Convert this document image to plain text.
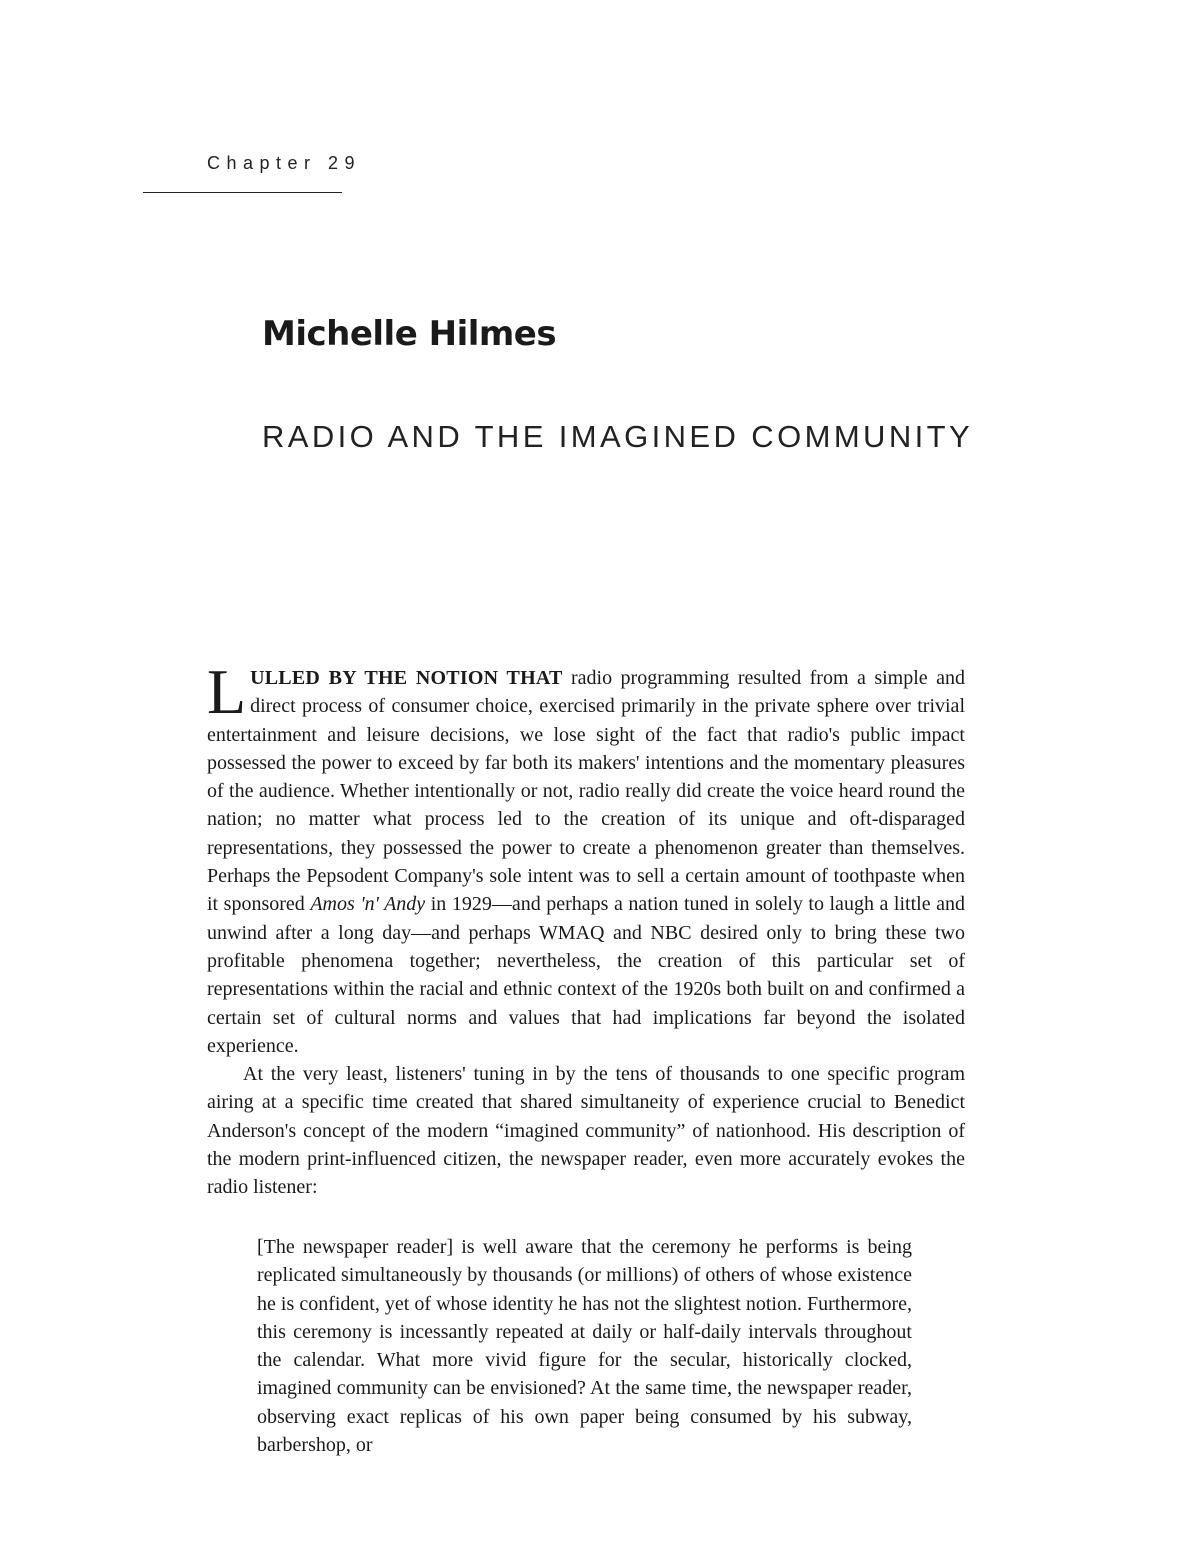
Chapter 29
Michelle Hilmes
RADIO AND THE IMAGINED COMMUNITY

LULLED BY THE NOTION THAT radio programming resulted from a simple and direct process of consumer choice, exercised primarily in the private sphere over trivial entertainment and leisure decisions, we lose sight of the fact that radio's public impact possessed the power to exceed by far both its makers' intentions and the momentary pleasures of the audience. Whether intentionally or not, radio really did create the voice heard round the nation; no matter what process led to the creation of its unique and oft-disparaged representations, they possessed the power to create a phenomenon greater than themselves. Perhaps the Pepsodent Company's sole intent was to sell a certain amount of toothpaste when it sponsored Amos 'n' Andy in 1929—and perhaps a nation tuned in solely to laugh a little and unwind after a long day—and perhaps WMAQ and NBC desired only to bring these two profitable phenomena together; nevertheless, the creation of this particular set of representations within the racial and ethnic context of the 1920s both built on and confirmed a certain set of cultural norms and values that had implications far beyond the isolated experience.

At the very least, listeners' tuning in by the tens of thousands to one specific program airing at a specific time created that shared simultaneity of experience crucial to Benedict Anderson's concept of the modern “imagined community” of nationhood. His description of the modern print-influenced citizen, the newspaper reader, even more accurately evokes the radio listener:

[The newspaper reader] is well aware that the ceremony he performs is being replicated simultaneously by thousands (or millions) of others of whose existence he is confident, yet of whose identity he has not the slightest notion. Furthermore, this ceremony is incessantly repeated at daily or half-daily intervals throughout the calendar. What more vivid figure for the secular, historically clocked, imagined community can be envisioned? At the same time, the newspaper reader, observing exact replicas of his own paper being consumed by his subway, barbershop, or
